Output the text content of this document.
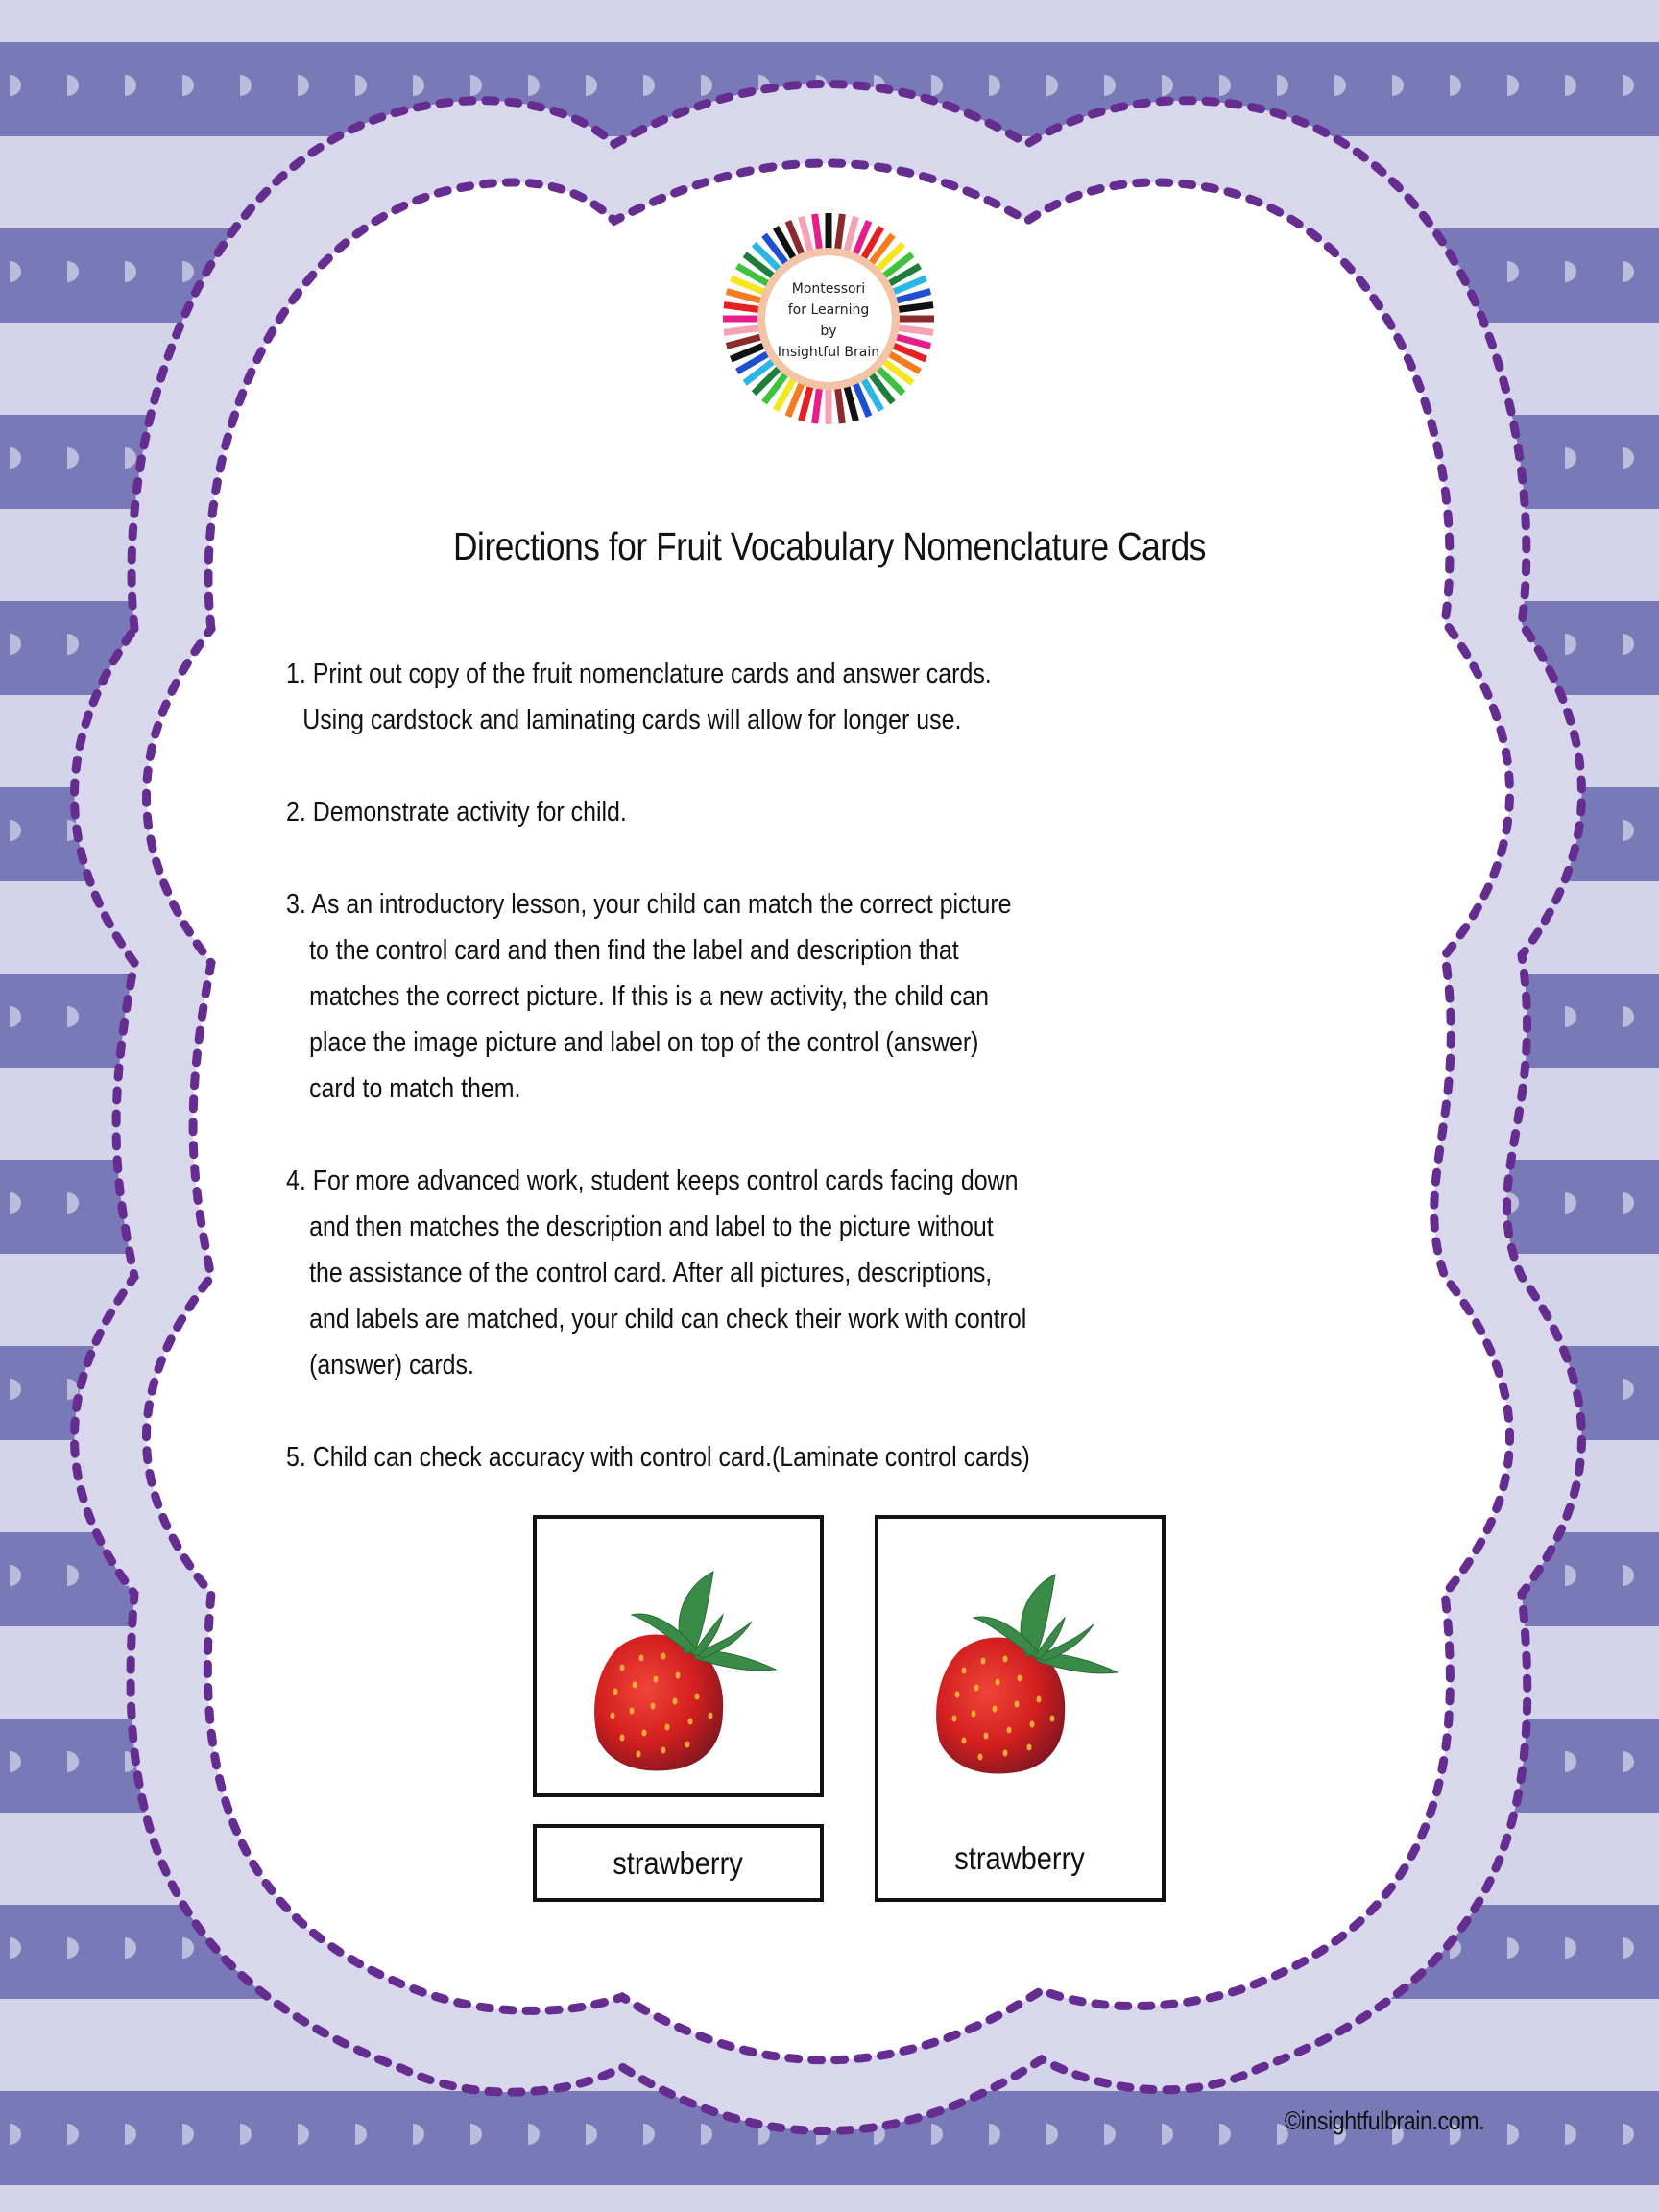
Montessori
for Learning
by
Insightful Brain
Directions for Fruit Vocabulary Nomenclature Cards
1. Print out copy of the fruit nomenclature cards and answer cards.
Using cardstock and laminating cards will allow for longer use.
2. Demonstrate activity for child.
3. As an introductory lesson, your child can match the correct picture
to the control card and then find the label and description that
matches the correct picture. If this is a new activity, the child can
place the image picture and label on top of the control (answer)
card to match them.
4. For more advanced work, student keeps control cards facing down
and then matches the description and label to the picture without
the assistance of the control card. After all pictures, descriptions,
and labels are matched, your child can check their work with control
(answer) cards.
5. Child can check accuracy with control card.(Laminate control cards)
strawberry	strawberry
©insightfulbrain.com.
